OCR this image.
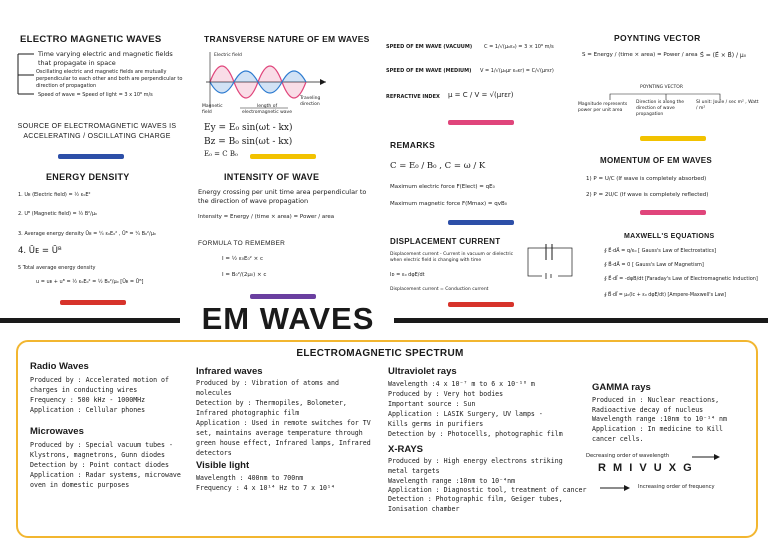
ELECTRO MAGNETIC WAVES
Time varying electric and magnetic fields that propagate in space
Oscillating electric and magnetic fields are mutually perpendicular to each other and both are perpendicular to direction of propagation
Speed of wave = Speed of light = 3 x 10⁸ m/s
SOURCE OF ELECTROMAGNETIC WAVES IS ACCELERATING / OSCILLATING CHARGE
ENERGY DENSITY
1. Uᴇ (Electric field) = ½ ε₀E²
2. Uᴮ (Magnetic field) = ½ B²/μ₀
3. Average energy density Ūᴇ = ¼ ε₀E₀² , Ūᴮ = ¼ B₀²/μ₀
4. Ūᴇ = Ūᴮ
5 Total average energy density
u = uᴇ + uᴮ = ½ ε₀E₀² = ½ B₀²/μ₀ [Ūᴇ = Ūᴮ]
TRANSVERSE NATURE OF EM WAVES
Electric field
Magnetic field
length of electromagnetic wave
Traveling direction
Ey = E₀ sin(ωt - kx)
Bz = B₀ sin(ωt - kx)
E₀ = C B₀
INTENSITY OF WAVE
Energy crossing per unit time area perpendicular to the direction of wave propagation
Intensity = Energy / (time × area) = Power / area
FORMULA TO REMEMBER
I = ½ ε₀E₀² × c
I = B₀²/(2μ₀) × c
SPEED OF EM WAVE (VACUUM) C = 1/√(μ₀ε₀) = 3 × 10⁸ m/s
SPEED OF EM WAVE (MEDIUM) V = 1/√(μ₀μr ε₀εr) = C/√(μrεr)
REFRACTIVE INDEX μ = C / V = √(μrεr)
REMARKS
C = E₀ / B₀ , C = ω / K
Maximum electric force F(Elect) = qE₀
Maximum magnetic force F(Mmax) = qvB₀
DISPLACEMENT CURRENT
Displacement current - Current in vacuum or dielectric when electric field is changing with time
Iᴅ = ε₀ dφE/dt
Displacement current = Conduction current
POYNTING VECTOR
S = Energy / (time × area) = Power / area S⃗ = (E⃗ × B⃗) / μ₀
POYNTING VECTOR
Magnitude represents power per unit area
Direction is along the direction of wave propagation
SI unit: Joule / sec m² , Watt / m²
MOMENTUM OF EM WAVES
1) P = U/C (If wave is completely absorbed)
2) P = 2U/C (If wave is completely reflected)
MAXWELL'S EQUATIONS
∮ E⃗·dA⃗ = q/ε₀ [ Gauss's Law of Electrostatics]
∮ B⃗·dA⃗ = 0 [ Gauss's Law of Magnetism]
∮ E⃗·dl⃗ = -dφB/dt [Faraday's Law of Electromagnetic Induction]
∮ B⃗·dl⃗ = μ₀(Iᴄ + ε₀ dφE/dt) [Ampere-Maxwell's Law]
EM WAVES
ELECTROMAGNETIC SPECTRUM
Radio Waves
Produced by : Accelerated motion of charges in conducting wires
Frequency : 500 kHz - 1000MHz
Application : Cellular phones
Microwaves
Produced by : Special vacuum tubes - Klystrons, magnetrons, Gunn diodes
Detection by : Point contact diodes
Application : Radar systems, microwave oven in domestic purposes
Infrared waves
Produced by : Vibration of atoms and molecules
Detection by : Thermopiles, Bolometer, Infrared photographic film
Application : Used in remote switches for TV set, maintains average temperature through green house effect, Infrared lamps, Infrared detectors
Visible light
Wavelength : 400nm to 700nm
Frequency : 4 x 10¹⁴ Hz to 7 x 10¹⁴
Ultraviolet rays
Wavelength :4 x 10⁻⁷ m to 6 x 10⁻¹⁰ m
Produced by : Very hot bodies
Important source : Sun
Application : LASIK Surgery, UV lamps - Kills germs in purifiers
Detection by : Photocells, photographic film
X-RAYS
Produced by : High energy electrons striking metal targets
Wavelength range :10nm to 10⁻⁴nm
Application : Diagnostic tool, treatment of cancer
Detection : Photographic film, Geiger tubes, Ionisation chamber
GAMMA rays
Produced in : Nuclear reactions, Radioactive decay of nucleus
Wavelength range :10nm to 10⁻¹⁴ nm
Application : In medicine to Kill cancer cells.
Decreasing order of wavelength
R M I V U X G
Increasing order of frequency
